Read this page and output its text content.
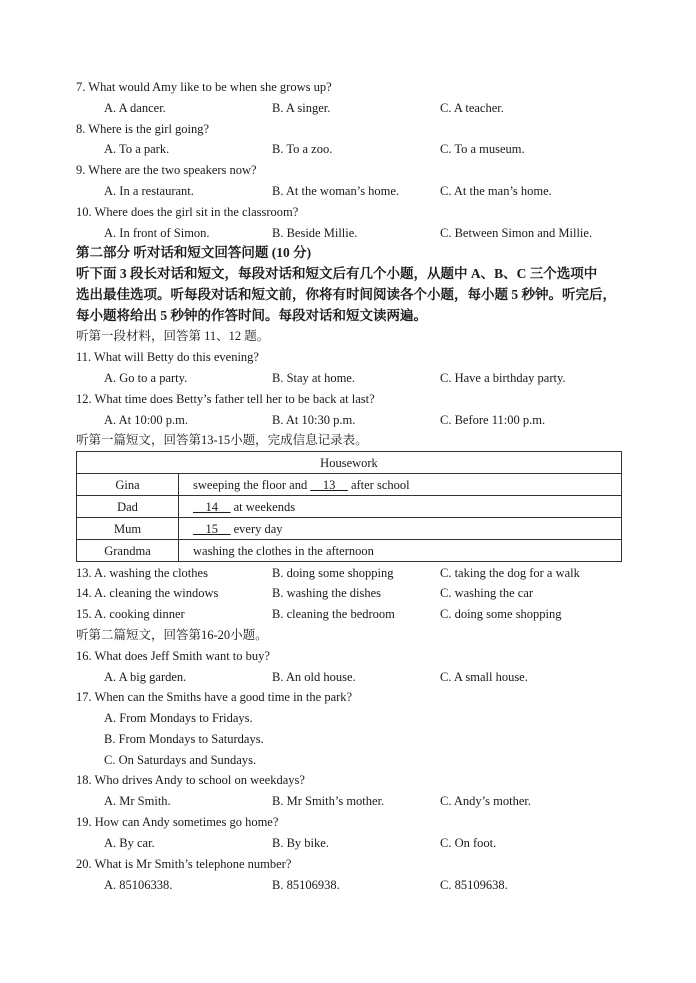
7. What would Amy like to be when she grows up?
A. A dancer.	B. A singer.	C. A teacher.
8. Where is the girl going?
A. To a park.	B. To a zoo.	C. To a museum.
9. Where are the two speakers now?
A. In a restaurant.	B. At the woman’s home.	C. At the man’s home.
10. Where does the girl sit in the classroom?
A. In front of Simon.	B. Beside Millie.	C. Between Simon and Millie.
第二部分 听对话和短文回答问题 (10 分)
听下面 3 段长对话和短文，每段对话和短文后有几个小题，从题中 A、B、C 三个选项中
选出最佳选项。听每段对话和短文前，你将有时间阅读各个小题，每小题 5 秒钟。听完后，
每小题将给出 5 秒钟的作答时间。每段对话和短文读两遍。
听第一段材料，回答第 11、12 题。
11. What will Betty do this evening?
A. Go to a party.	B. Stay at home.	C. Have a birthday party.
12. What time does Betty’s father tell her to be back at last?
A. At 10:00 p.m.	B. At 10:30 p.m.	C. Before 11:00 p.m.
听第一篇短文，回答第13-15小题，完成信息记录表。
Housework	
Gina	sweeping the floor and __13__ after school
Dad	__14__ at weekends
Mum	__15__ every day
Grandma	washing the clothes in the afternoon
13. A. washing the clothes	B. doing some shopping	C. taking the dog for a walk
14. A. cleaning the windows	B. washing the dishes	C. washing the car
15. A. cooking dinner	B. cleaning the bedroom	C. doing some shopping
听第二篇短文，回答第16-20小题。
16. What does Jeff Smith want to buy?
A. A big garden.	B. An old house.	C. A small house.
17. When can the Smiths have a good time in the park?
A. From Mondays to Fridays.
B. From Mondays to Saturdays.
C. On Saturdays and Sundays.
18. Who drives Andy to school on weekdays?
A. Mr Smith.	B. Mr Smith’s mother.	C. Andy’s mother.
19. How can Andy sometimes go home?
A. By car.	B. By bike.	C. On foot.
20. What is Mr Smith’s telephone number?
A. 85106338.	B. 85106938.	C. 85109638.
